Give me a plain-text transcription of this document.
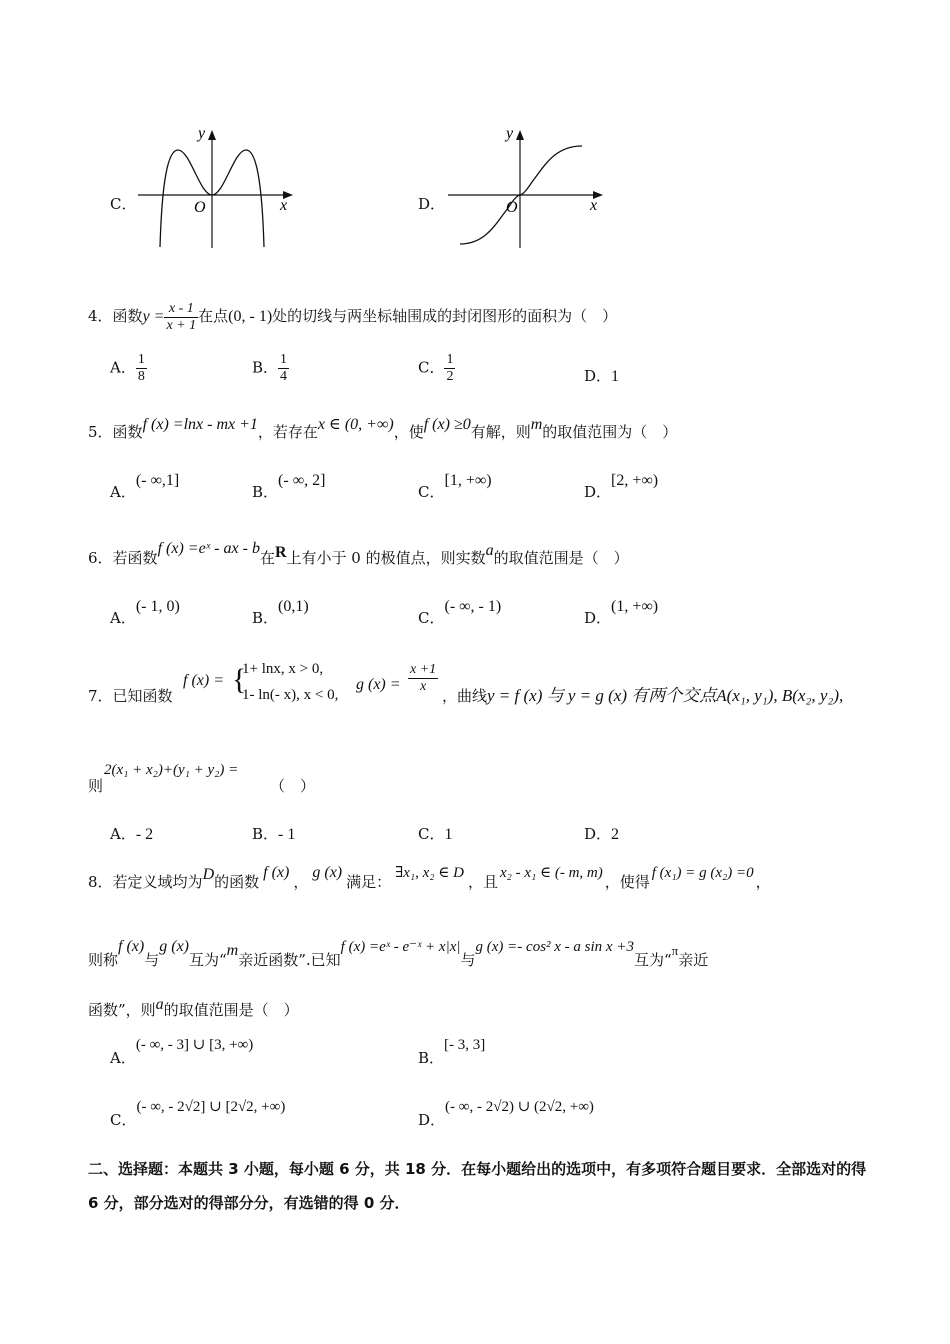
C．	x
y
O	D．	x
y
O
4．函数$y = \frac{x - 1}{x + 1}$ 在点(0, - 1)处的切线与两坐标轴围成的封闭图形的面积为（　）
A． $\frac{1}{8}$	B． $\frac{1}{4}$	C． $\frac{1}{2}$	D．1
5．函数f (x) =lnx - mx +1，若存在x ∈ (0, +∞)，使f (x) ≥0有解，则m的取值范围为（　）
A．(- ∞,1]
B．(- ∞, 2]
C．[1, +∞)
D．[2, +∞)
6．若函数f (x) =eˣ - ax - b在R上有小于 0 的极值点，则实数a的取值范围是（　）
A．(- 1, 0)
B．(0,1)
C．(- ∞, - 1)
D．(1, +∞)
7．已知函数
f (x) = {
1+ lnx, x > 0,
1- ln(- x), x < 0,
g $(x) = \frac{x +1}{x}$
，曲线y = f (x) 与 y = g (x) 有两个交点A(x₁, y₁), B(x₂, y₂),
则
2(x₁ + x₂)+(y₁ + y₂) =
（　）
A．- 2	B．- 1	C．1	D．2
8．若定义域均为D的函数f (x)，g (x)满足： ∃x₁, x₂ ∈ D ，且 x₂ - x₁ ∈ (- m, m) ，使得 f (x₁) = g (x₂) =0 ，
则称f (x)与g (x)互为“m亲近函数”.已知f (x) =eˣ - e⁻ˣ + x|x|与g (x) =- cos² x - a sin x +3互为“π亲近
函数”，则a的取值范围是（　）
A．(- ∞, - 3] ∪ [3, +∞)
B．[- 3, 3]
C．(- ∞, - 2√2] ∪ [2√2, +∞)
D．(- ∞, - 2√2) ∪ (2√2, +∞)
二、选择题：本题共 3 小题，每小题 6 分，共 18 分．在每小题给出的选项中，有多项符合题目要求．全部选对的得 6 分，部分选对的得部分分，有选错的得 0 分．
